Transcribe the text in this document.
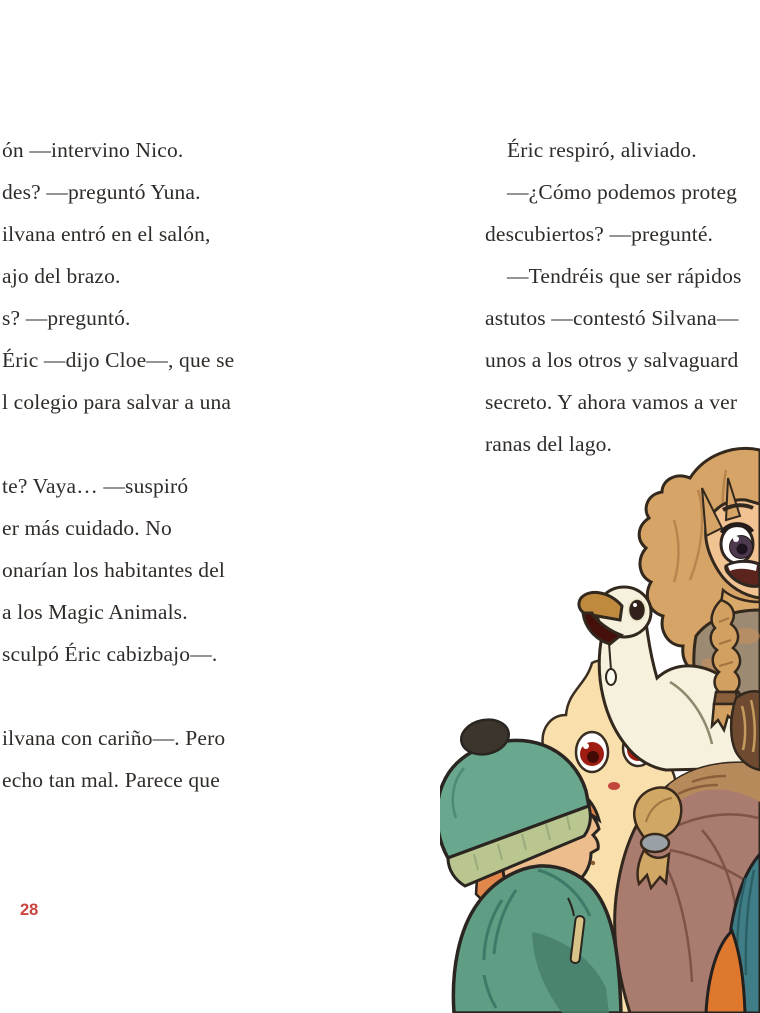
ón —intervino Nico.
des? —preguntó Yuna.
ilvana entró en el salón,
ajo del brazo.
s? —preguntó.
Éric —dijo Cloe—, que se
l colegio para salvar a una
te? Vaya… —suspiró
er más cuidado. No
onarían los habitantes del
a los Magic Animals.
sculpó Éric cabizbajo—.
ilvana con cariño—. Pero
echo tan mal. Parece que
28
Éric respiró, aliviado.
—¿Cómo podemos proteg
descubiertos? —pregunté.
—Tendréis que ser rápidos
astutos —contestó Silvana—
unos a los otros y salvaguard
secreto. Y ahora vamos a ver
ranas del lago.
